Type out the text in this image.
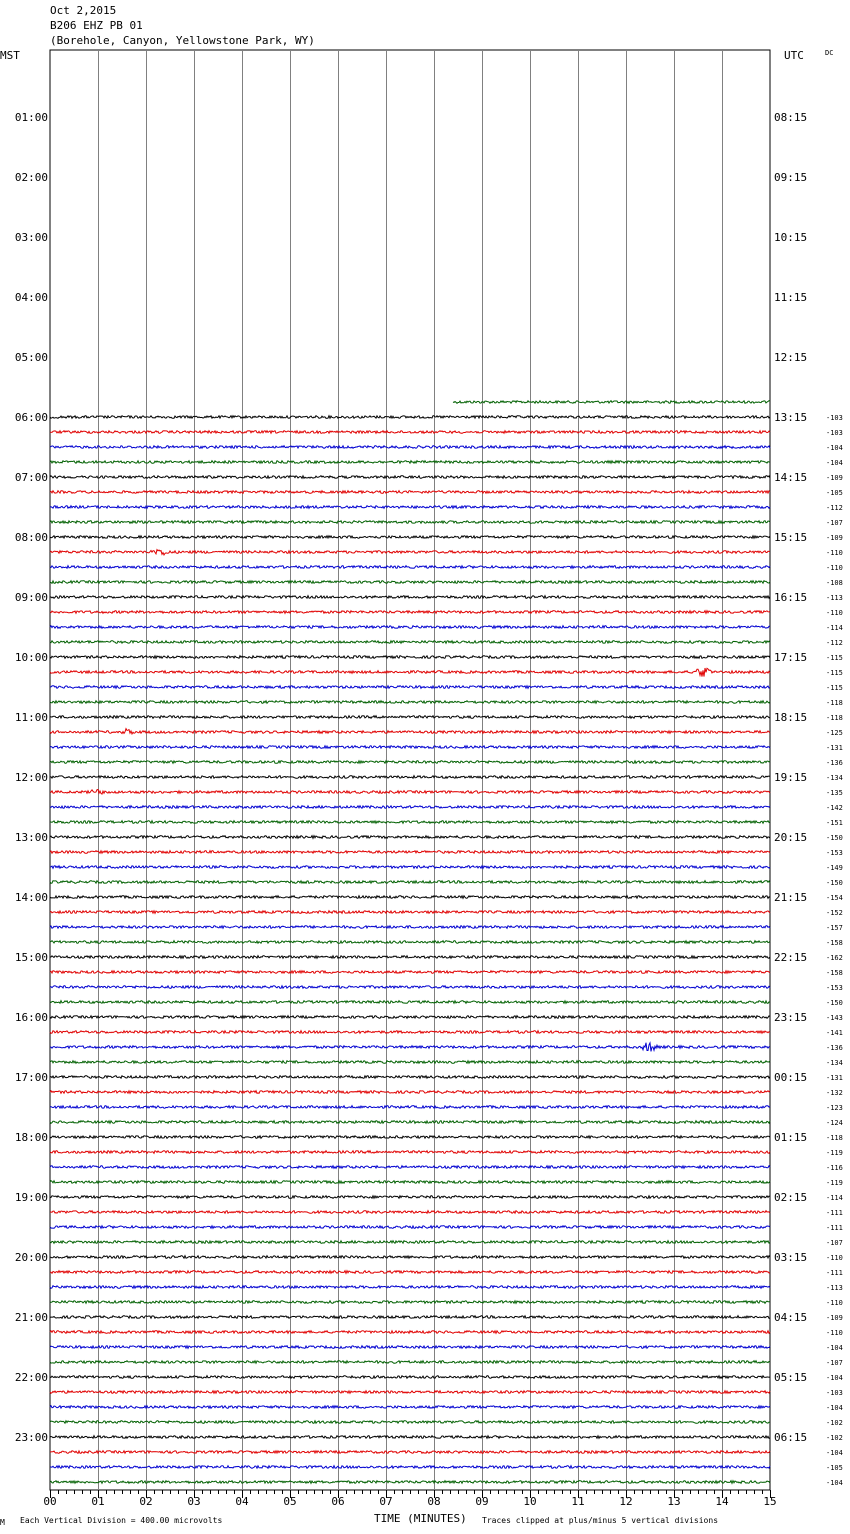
Oct 2,2015
B206 EHZ PB 01
(Borehole, Canyon, Yellowstone Park, WY)
MST	UTC	DC
01:00
02:00
03:00
04:00
05:00
06:00
07:00
08:00
09:00
10:00
11:00
12:00
13:00
14:00
15:00
16:00
17:00
18:00
19:00
20:00
21:00
22:00
23:00
08:15
09:15
10:15
11:15
12:15
13:15
14:15
15:15
16:15
17:15
18:15
19:15
20:15
21:15
22:15
23:15
00:15
01:15
02:15
03:15
04:15
05:15
06:15
-103
-103
-104
-104
-109
-105
-112
-107
-109
-110
-110
-108
-113
-110
-114
-112
-115
-115
-115
-118
-118
-125
-131
-136
-134
-135
-142
-151
-150
-153
-149
-150
-154
-152
-157
-158
-162
-158
-153
-150
-143
-141
-136
-134
-131
-132
-123
-124
-118
-119
-116
-119
-114
-111
-111
-107
-110
-111
-113
-110
-109
-110
-104
-107
-104
-103
-104
-102
-102
-104
-105
-104
00	01	02	03	04	05	06	07	08	09	10	11	12	13	14	15
M Each Vertical Division = 400.00 microvolts	TIME (MINUTES) Traces clipped at plus/minus 5 vertical divisions
